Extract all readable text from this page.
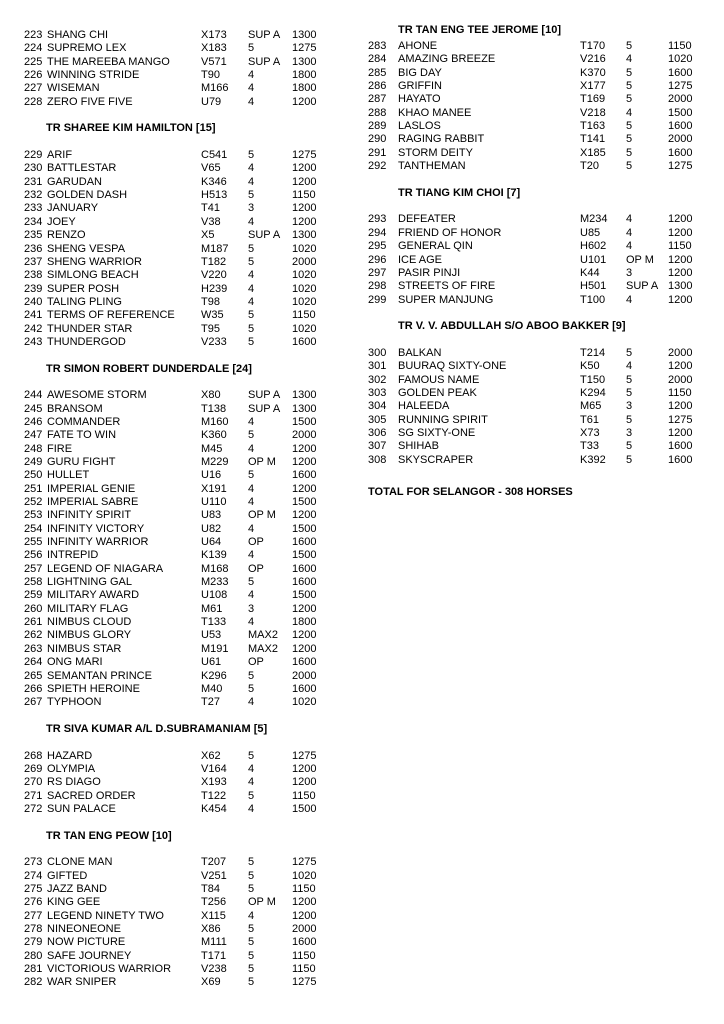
223 SHANG CHI	X173 SUP A 1300
224 SUPREMO LEX	X183 5	1275
225 THE MAREEBA MANGO	V571 SUP A 1300
226 WINNING STRIDE	T90	4	1800
227 WISEMAN	M166 4	1800
228 ZERO FIVE FIVE	U79 4	1200
TR SHAREE KIM HAMILTON [15]
229 ARIF	C541 5	1275
230 BATTLESTAR	V65 4	1200
231 GARUDAN	K346 4	1200
232 GOLDEN DASH	H513 5	1150
233 JANUARY	T41	3	1200
234 JOEY	V38 4	1200
235 RENZO	X5	SUP A 1300
236 SHENG VESPA	M187 5	1020
237 SHENG WARRIOR	T182 5	2000
238 SIMLONG BEACH	V220 4	1020
239 SUPER POSH	H239 4	1020
240 TALING PLING	T98	4	1020
241 TERMS OF REFERENCE W35 5	1150
242 THUNDER STAR	T95	5	1020
243 THUNDERGOD	V233 5	1600
TR SIMON ROBERT DUNDERDALE [24]
244 AWESOME STORM	X80 SUP A 1300
245 BRANSOM	T138 SUP A 1300
246 COMMANDER	M160 4	1500
247 FATE TO WIN	K360 5	2000
248 FIRE	M45 4	1200
249 GURU FIGHT	M229 OP M 1200
250 HULLET	U16 5	1600
251 IMPERIAL GENIE	X191 4	1200
252 IMPERIAL SABRE	U110 4	1500
253 INFINITY SPIRIT	U83 OP M 1200
254 INFINITY VICTORY	U82 4	1500
255 INFINITY WARRIOR	U64 OP	1600
256 INTREPID	K139 4	1500
257 LEGEND OF NIAGARA	M168 OP	1600
258 LIGHTNING GAL	M233 5	1600
259 MILITARY AWARD	U108 4	1500
260 MILITARY FLAG	M61 3	1200
261 NIMBUS CLOUD	T133 4	1800
262 NIMBUS GLORY	U53 MAX2 1200
263 NIMBUS STAR	M191 MAX2 1200
264 ONG MARI	U61 OP	1600
265 SEMANTAN PRINCE	K296 5	2000
266 SPIETH HEROINE	M40 5	1600
267 TYPHOON	T27	4	1020
TR SIVA KUMAR A/L D.SUBRAMANIAM [5]
268 HAZARD	X62 5	1275
269 OLYMPIA	V164 4	1200
270 RS DIAGO	X193 4	1200
271 SACRED ORDER	T122 5	1150
272 SUN PALACE	K454 4	1500
TR TAN ENG PEOW [10]
273 CLONE MAN	T207 5	1275
274 GIFTED	V251 5	1020
275 JAZZ BAND	T84	5	1150
276 KING GEE	T256 OP M 1200
277 LEGEND NINETY TWO	X115 4	1200
278 NINEONEONE	X86 5	2000
279 NOW PICTURE	M111 5	1600
280 SAFE JOURNEY	T171 5	1150
281 VICTORIOUS WARRIOR	V238 5	1150
282 WAR SNIPER	X69 5	1275
TR TAN ENG TEE JEROME [10]
283 AHONE	T170 5	1150
284 AMAZING BREEZE	V216 4	1020
285 BIG DAY	K370 5	1600
286 GRIFFIN	X177 5	1275
287 HAYATO	T169 5	2000
288 KHAO MANEE	V218 4	1500
289 LASLOS	T163 5	1600
290 RAGING RABBIT	T141 5	2000
291 STORM DEITY	X185 5	1600
292 TANTHEMAN	T20 5	1275
TR TIANG KIM CHOI [7]
293 DEFEATER	M234 4	1200
294 FRIEND OF HONOR	U85 4	1200
295 GENERAL QIN	H602 4	1150
296 ICE AGE	U101 OP M 1200
297 PASIR PINJI	K44 3	1200
298 STREETS OF FIRE	H501 SUP A 1300
299 SUPER MANJUNG	T100 4	1200
TR V. V. ABDULLAH S/O ABOO BAKKER [9]
300 BALKAN	T214 5	2000
301 BUURAQ SIXTY-ONE	K50 4	1200
302 FAMOUS NAME	T150 5	2000
303 GOLDEN PEAK	K294 5	1150
304 HALEEDA	M65 3	1200
305 RUNNING SPIRIT	T61 5	1275
306 SG SIXTY-ONE	X73 3	1200
307 SHIHAB	T33 5	1600
308 SKYSCRAPER	K392 5	1600
TOTAL FOR SELANGOR - 308 HORSES
